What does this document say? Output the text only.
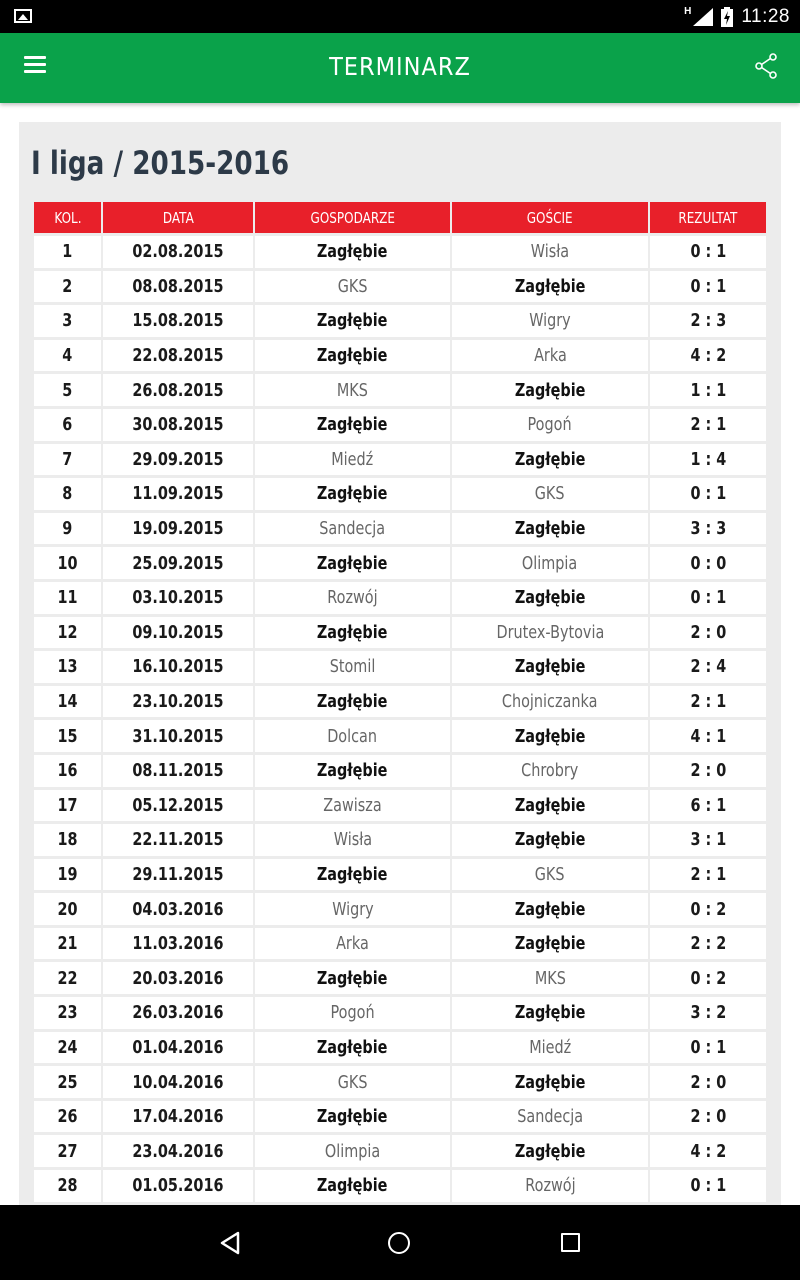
H	11:28
TERMINARZ
I liga / 2015-2016
KOL.	DATA	GOSPODARZE	GOŚCIE	REZULTAT
1	02.08.2015	Zagłębie	Wisła	0 : 1
2	08.08.2015	GKS	Zagłębie	0 : 1
3	15.08.2015	Zagłębie	Wigry	2 : 3
4	22.08.2015	Zagłębie	Arka	4 : 2
5	26.08.2015	MKS	Zagłębie	1 : 1
6	30.08.2015	Zagłębie	Pogoń	2 : 1
7	29.09.2015	Miedź	Zagłębie	1 : 4
8	11.09.2015	Zagłębie	GKS	0 : 1
9	19.09.2015	Sandecja	Zagłębie	3 : 3
10	25.09.2015	Zagłębie	Olimpia	0 : 0
11	03.10.2015	Rozwój	Zagłębie	0 : 1
12	09.10.2015	Zagłębie	Drutex-Bytovia	2 : 0
13	16.10.2015	Stomil	Zagłębie	2 : 4
14	23.10.2015	Zagłębie	Chojniczanka	2 : 1
15	31.10.2015	Dolcan	Zagłębie	4 : 1
16	08.11.2015	Zagłębie	Chrobry	2 : 0
17	05.12.2015	Zawisza	Zagłębie	6 : 1
18	22.11.2015	Wisła	Zagłębie	3 : 1
19	29.11.2015	Zagłębie	GKS	2 : 1
20	04.03.2016	Wigry	Zagłębie	0 : 2
21	11.03.2016	Arka	Zagłębie	2 : 2
22	20.03.2016	Zagłębie	MKS	0 : 2
23	26.03.2016	Pogoń	Zagłębie	3 : 2
24	01.04.2016	Zagłębie	Miedź	0 : 1
25	10.04.2016	GKS	Zagłębie	2 : 0
26	17.04.2016	Zagłębie	Sandecja	2 : 0
27	23.04.2016	Olimpia	Zagłębie	4 : 2
28	01.05.2016	Zagłębie	Rozwój	0 : 1
